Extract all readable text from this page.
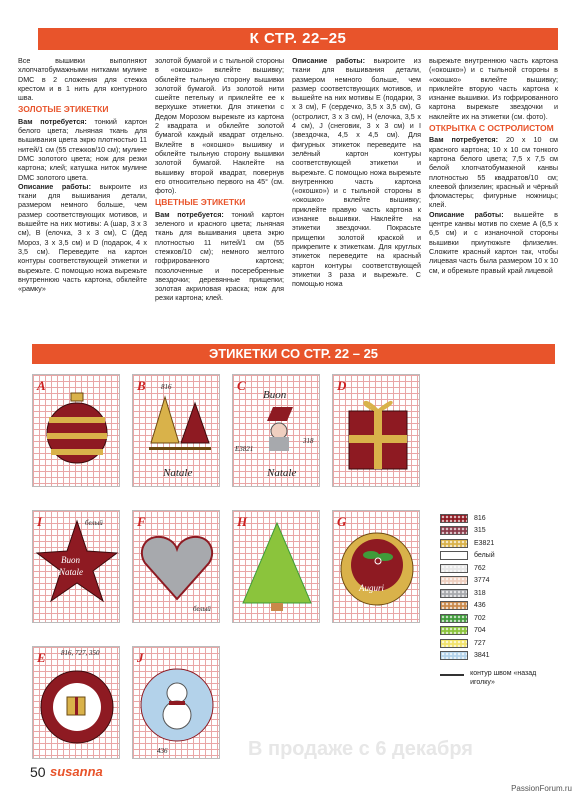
К СТР. 22–25

Все вышивки выполняют хлопчатобумажными нитками мулине DMC в 2 сложения для стежка крестом и в 1 нить для контурного шва.

ЗОЛОТЫЕ ЭТИКЕТКИ

Вам потребуется: тонкий картон белого цвета; льняная ткань для вышивания цвета экрю плотностью 11 нитей/1 см (55 стежков/10 см); мулине DMC золотого цвета; нож для резки картона; клей; катушка ниток мулине DMC золотого цвета.

Описание работы: выкроите из ткани для вышивания детали, размером немного больше, чем размер соответствующих мотивов, и вышейте на них мотивы: A (шар, 3 х 3 см), B (елочка, 3 х 3 см), C (Дед Мороз, 3 х 3,5 см) и D (подарок, 4 х 3,5 см). Переведите на картон контуры соответствующей этикетки и вырежьте. С помощью ножа вырежьте внутреннюю часть картона, обклейте «рамку»

золотой бумагой и с тыльной стороны в «окошко» вклейте вышивку; обклейте тыльную сторону вышивки золотой бумагой. Из золотой нити сшейте петельку и приклейте ее к верхушке этикетки. Для этикетки с Дедом Морозом вырежьте из картона 2 квадрата и обклейте золотой бумагой каждый квадрат отдельно. Вклейте в «окошко» вышивку и обклейте тыльную сторону вышивки золотой бумагой. Наклейте на вышивку второй квадрат, повернув его относительно первого на 45° (см. фото).

ЦВЕТНЫЕ ЭТИКЕТКИ

Вам потребуется: тонкий картон зеленого и красного цвета; льняная ткань для вышивания цвета экрю плотностью 11 нитей/1 см (55 стежков/10 см); немного желтого гофрированного картона; позолоченные и посеребренные звездочки; деревянные прищепки; золотая акриловая краска; нож для резки картона; клей.

Описание работы: выкроите из ткани для вышивания детали, размером немного больше, чем размер соответствующих мотивов, и вышейте на них мотивы E (подарки, 3 х 3 см), F (сердечко, 3,5 х 3,5 см), G (остролист, 3 х 3 см), H (елочка, 3,5 х 4 см), J (снеговик, 3 х 3 см) и I (звездочка, 4,5 х 4,5 см). Для фигурных этикеток переведите на зелёный картон контуры соответствующей этикетки и вырежьте. С помощью ножа вырежьте внутреннюю часть картона («окошко») и с тыльной стороны в «окошко» вклейте вышивку; приклейте правую часть картона к изнанке вышивки. Наклейте на этикетки звездочки. Покрасьте прищепки золотой краской и прикрепите к этикеткам. Для круглых этикеток переведите на красный картон контуры соответствующей этикетки 3 раза и вырежьте. С помощью ножа

вырежьте внутреннюю часть картона («окошко») и с тыльной стороны в «окошко» вклейте вышивку; приклейте вторую часть картона к изнанке вышивки. Из гофрированного картона вырежьте звездочки и наклейте их на этикетки (см. фото).

ОТКРЫТКА С ОСТРОЛИСТОМ

Вам потребуется: 20 х 10 см красного картона; 10 х 10 см тонкого картона белого цвета; 7,5 х 7,5 см белой хлопчатобумажной канвы плотностью 55 квадратов/10 см; клеевой флизелин; красный и чёрный фломастеры; фигурные ножницы; клей.

Описание работы: вышейте в центре канвы мотив по схеме A (6,5 х 6,5 см) и с изнаночной стороны вышивки приутюжьте флизелин. Сложите красный картон так, чтобы лицевая часть была размером 10 х 10 см, и обрежьте правый край лицевой

ЭТИКЕТКИ СО СТР. 22 – 25
A	B 816
Natale
C
Buon
E3821
318
Natale
D
I	белый
Buon
Natale
F
белый
H	G
Auguri
E 816, 727, 350	J
436
816
315
E3821
белый
762
3774
318
436
702
704
727
3841
контур швом «назад иголку»
В продаже с 6 декабря
50 susanna
PassionForum.ru
